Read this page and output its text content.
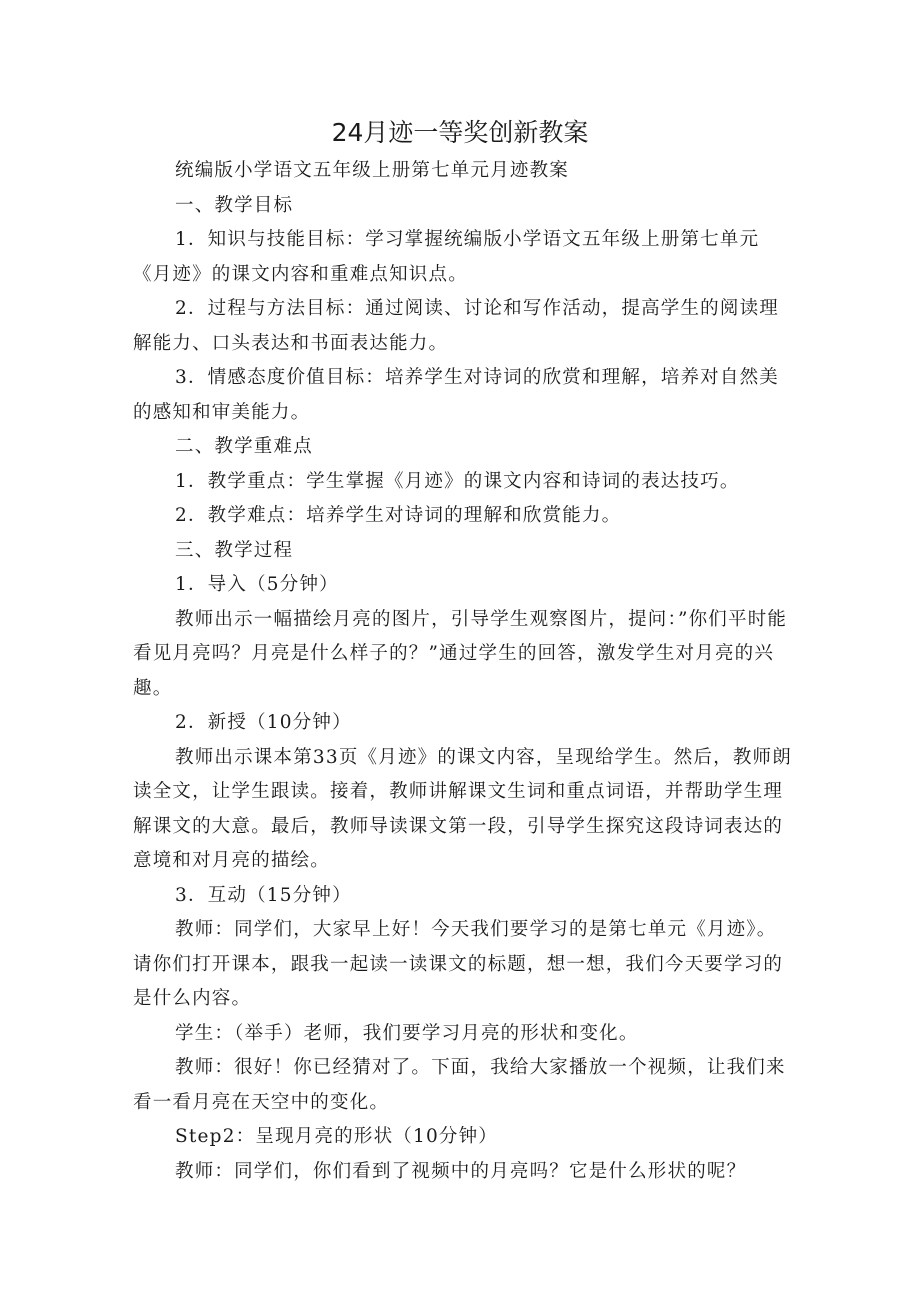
24月迹一等奖创新教案

统编版小学语文五年级上册第七单元月迹教案

一、教学目标

1．知识与技能目标：学习掌握统编版小学语文五年级上册第七单元《月迹》的课文内容和重难点知识点。

2．过程与方法目标：通过阅读、讨论和写作活动，提高学生的阅读理解能力、口头表达和书面表达能力。

3．情感态度价值目标：培养学生对诗词的欣赏和理解，培养对自然美的感知和审美能力。

二、教学重难点

1．教学重点：学生掌握《月迹》的课文内容和诗词的表达技巧。

2．教学难点：培养学生对诗词的理解和欣赏能力。

三、教学过程

1．导入（5分钟）

教师出示一幅描绘月亮的图片，引导学生观察图片，提问：”你们平时能看见月亮吗？月亮是什么样子的？”通过学生的回答，激发学生对月亮的兴趣。

2．新授（10分钟）

教师出示课本第33页《月迹》的课文内容，呈现给学生。然后，教师朗读全文，让学生跟读。接着，教师讲解课文生词和重点词语，并帮助学生理解课文的大意。最后，教师导读课文第一段，引导学生探究这段诗词表达的意境和对月亮的描绘。

3．互动（15分钟）

教师：同学们，大家早上好！今天我们要学习的是第七单元《月迹》。请你们打开课本，跟我一起读一读课文的标题，想一想，我们今天要学习的是什么内容。

学生：（举手）老师，我们要学习月亮的形状和变化。

教师：很好！你已经猜对了。下面，我给大家播放一个视频，让我们来看一看月亮在天空中的变化。

Step2：呈现月亮的形状（10分钟）

教师：同学们，你们看到了视频中的月亮吗？它是什么形状的呢？
